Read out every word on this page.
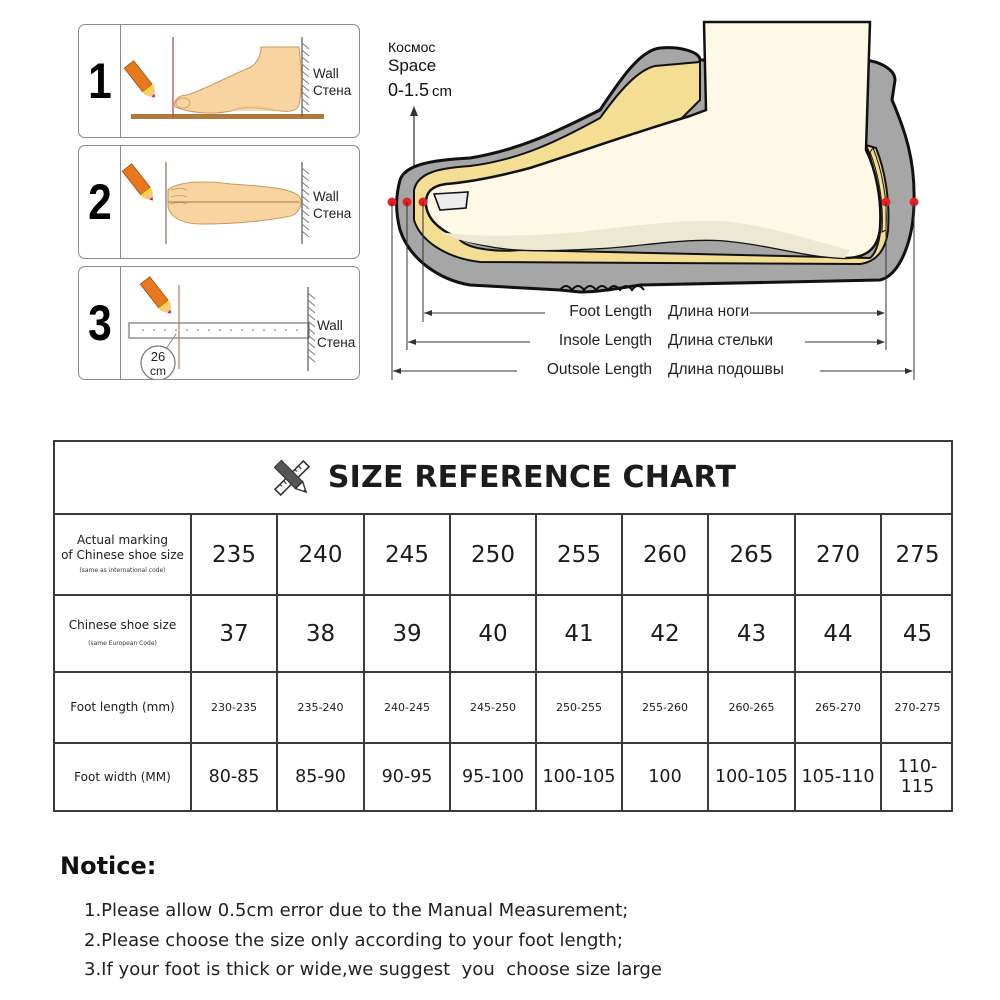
1	Wall
Стена
2	Wall
Стена
3
26
cm
Wall
Стена
Космос
Space
0-1.5 cm
Foot Length Длина ноги
Insole Length Длина стельки
Outsole Length Длина подошвы
SIZE REFERENCE CHART
Actual marking
of Chinese shoe size
(same as international code)
235	240	245	250	255	260	265	270	275
Chinese shoe size
(same European Code)	37	38	39	40	41	42	43	44	45
Foot length (mm)	230-235	235-240	240-245	245-250	250-255	255-260	260-265	265-270	270-275
Foot width (MM)	80-85	85-90	90-95	95-100	100-105	100	100-105 105-110	110-115
Notice:
1.Please allow 0.5cm error due to the Manual Measurement;
2.Please choose the size only according to your foot length;
3.If your foot is thick or wide,we suggest  you  choose size large
